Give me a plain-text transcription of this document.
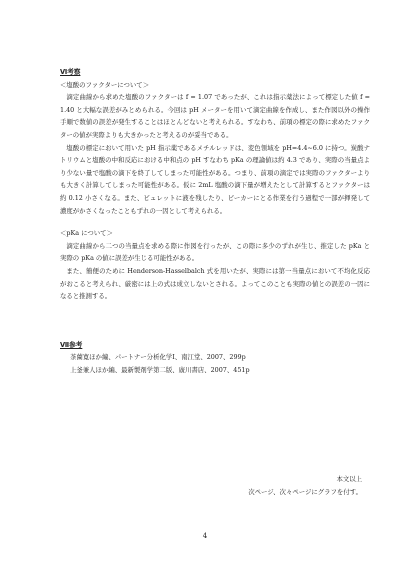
Ⅵ考察

＜塩酸のファクターについて＞

滴定曲線から求めた塩酸のファクターは f = 1.07 であったが、これは指示薬法によって標定した値 f = 1.40 と大幅な誤差がみとめられる。今回は pH メーターを用いて滴定曲線を作成し、また作図以外の操作手順で数値の誤差が発生することはほとんどないと考えられる。すなわち、前項の標定の際に求めたファクターの値が実際よりも大きかったと考えるのが妥当である。

塩酸の標定において用いた pH 指示薬であるメチルレッドは、変色領域を pH=4.4~6.0 に持つ。炭酸ナトリウムと塩酸の中和反応における中和点の pH すなわち pKa の理論値は約 4.3 であり、実際の当量点より少ない量で塩酸の滴下を終了してしまった可能性がある。つまり、前項の滴定では実際のファクターよりも大きく計算してしまった可能性がある。仮に 2mL 塩酸の滴下量が増えたとして計算するとファクターは約 0.12 小さくなる。また、ビュレットに液を残したり、ビーカーにとる作業を行う過程で一部が揮発して濃度がかさくなったこともずれの一因として考えられる。

＜pKa について＞

滴定曲線から二つの当量点を求める際に作図を行ったが、この際に多少のずれが生じ、推定した pKa と実際の pKa の値に誤差が生じる可能性がある。

また、簡便のために Henderson-Hasselbalch 式を用いたが、実際には第一当量点において不均化反応がおこると考えられ、厳密には上の式は成立しないとされる。よってこのことも実際の値との誤差の一因になると推測する。

Ⅶ参考

茶薗寛ほか編、パートナー分析化学Ⅰ、南江堂、2007、299p

上釜兼人ほか編、最新製剤学第二版、廣川書店、2007、451p

本文以上
次ページ、次々ページにグラフを付す。
4
